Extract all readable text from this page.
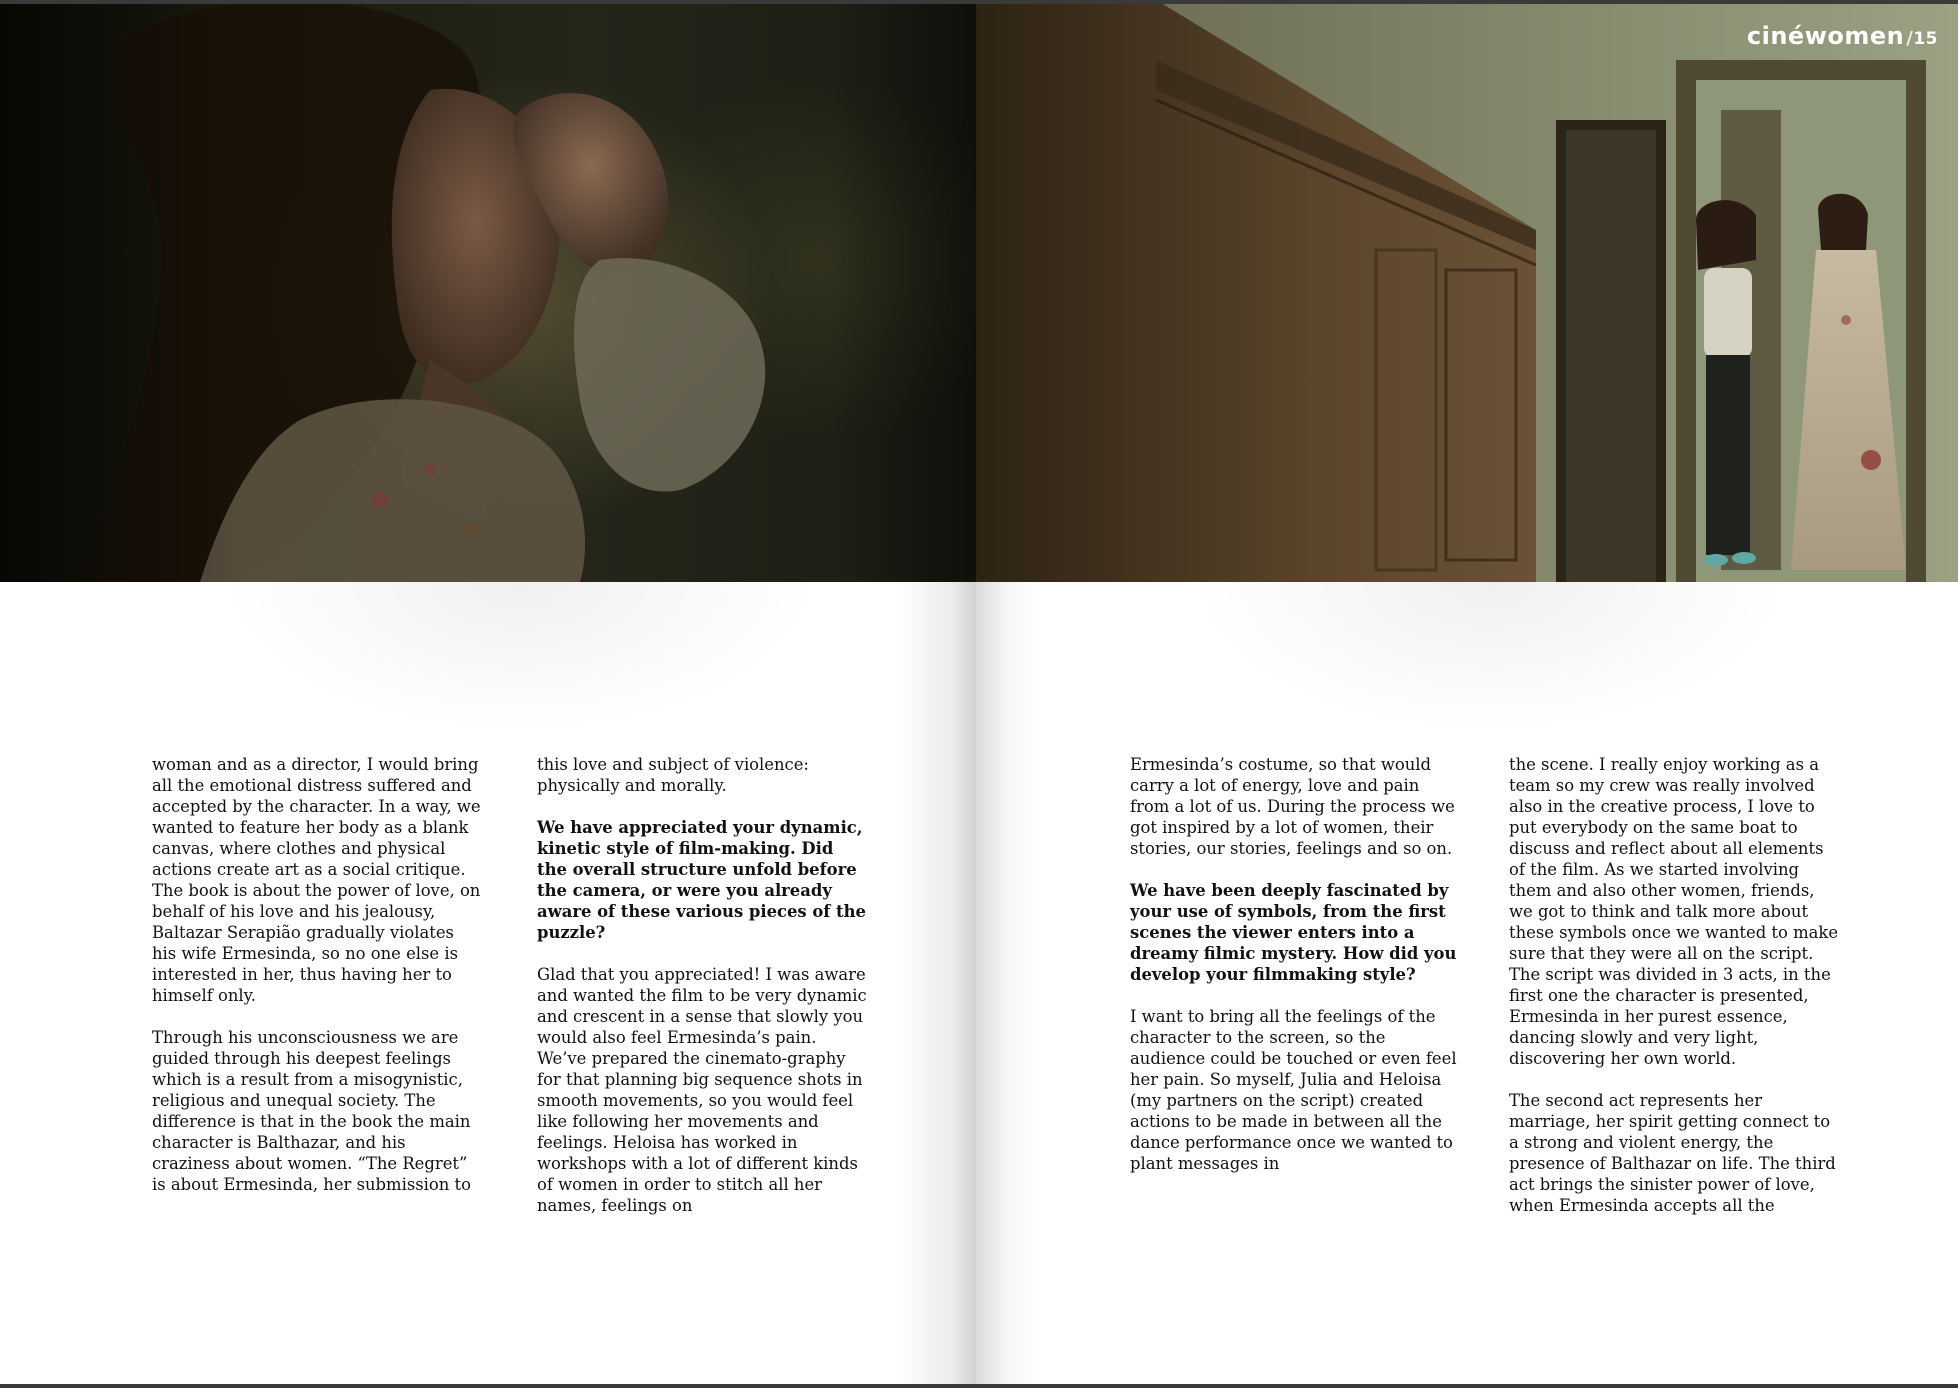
cinéwomen /15

woman and as a director, I would bring all the emotional distress suffered and accepted by the character. In a way, we wanted to feature her body as a blank canvas, where clothes and physical actions create art as a social critique. The book is about the power of love, on behalf of his love and his jealousy, Baltazar Serapião gradually violates his wife Ermesinda, so no one else is interested in her, thus having her to himself only.

Through his unconsciousness we are guided through his deepest feelings which is a result from a misogynistic, religious and unequal society. The difference is that in the book the main character is Balthazar, and his craziness about women. “The Regret” is about Ermesinda, her submission to

this love and subject of violence: physically and morally.

We have appreciated your dynamic, kinetic style of film-making. Did the overall structure unfold before the camera, or were you already aware of these various pieces of the puzzle?

Glad that you appreciated! I was aware and wanted the film to be very dynamic and crescent in a sense that slowly you would also feel Ermesinda’s pain. We’ve prepared the cinemato-graphy for that planning big sequence shots in smooth movements, so you would feel like following her movements and feelings. Heloisa has worked in workshops with a lot of different kinds of women in order to stitch all her names, feelings on

Ermesinda’s costume, so that would carry a lot of energy, love and pain from a lot of us. During the process we got inspired by a lot of women, their stories, our stories, feelings and so on.

We have been deeply fascinated by your use of symbols, from the first scenes the viewer enters into a dreamy filmic mystery. How did you develop your filmmaking style?

I want to bring all the feelings of the character to the screen, so the audience could be touched or even feel her pain. So myself, Julia and Heloisa (my partners on the script) created actions to be made in between all the dance performance once we wanted to plant messages in

the scene. I really enjoy working as a team so my crew was really involved also in the creative process, I love to put everybody on the same boat to discuss and reflect about all elements of the film. As we started involving them and also other women, friends, we got to think and talk more about these symbols once we wanted to make sure that they were all on the script. The script was divided in 3 acts, in the first one the character is presented, Ermesinda in her purest essence, dancing slowly and very light, discovering her own world.

The second act represents her marriage, her spirit getting connect to a strong and violent energy, the presence of Balthazar on life. The third act brings the sinister power of love, when Ermesinda accepts all the
